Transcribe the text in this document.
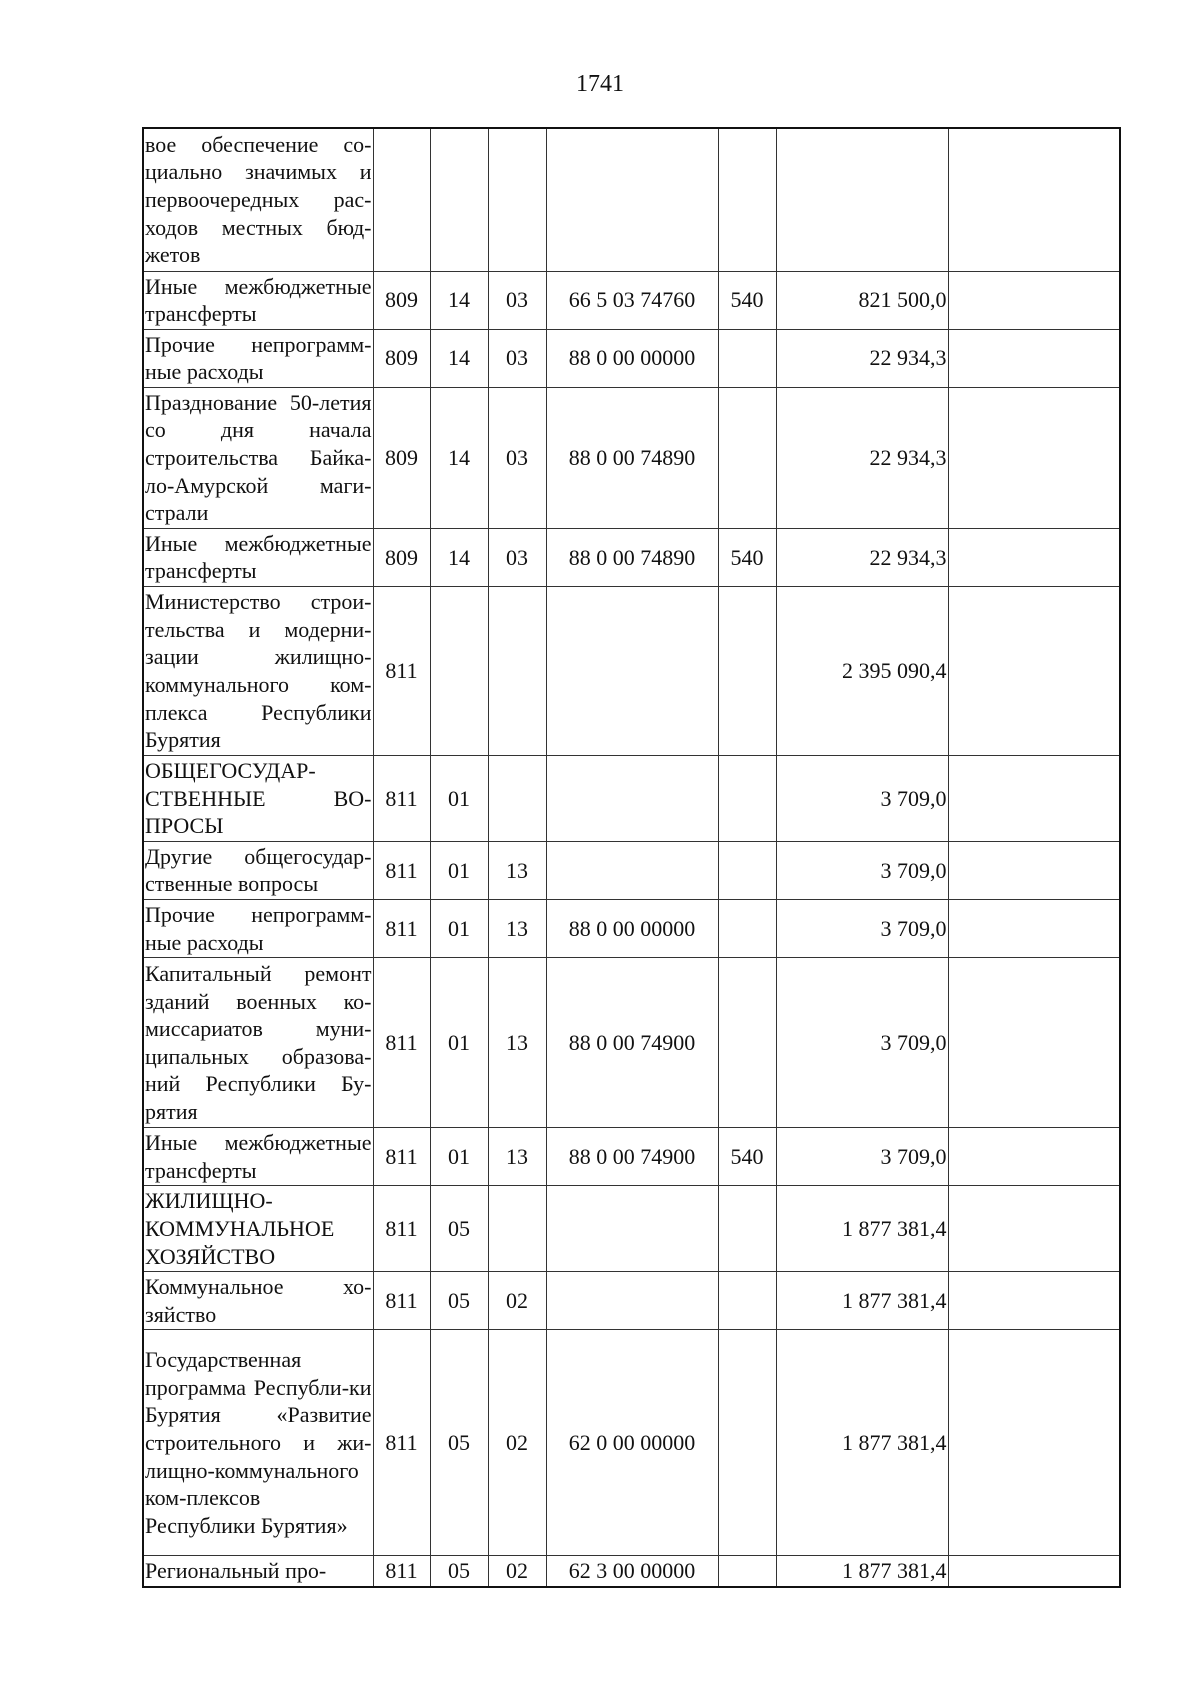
1741
вое обеспечение со-циально значимых и первоочередных рас-ходов местных бюд-жетов							
Иные межбюджетные трансферты	809	14	03	66 5 03 74760	540	821 500,0	
Прочие непрограмм-ные расходы	809	14	03	88 0 00 00000		22 934,3	
Празднование 50-летия со дня начала строительства Байка-ло-Амурской маги-страли	809	14	03	88 0 00 74890		22 934,3	
Иные межбюджетные трансферты	809	14	03	88 0 00 74890	540	22 934,3	
Министерство строи-тельства и модерни-зации жилищно-коммунального ком-плекса Республики Бурятия	811					2 395 090,4	
ОБЩЕГОСУДАР-СТВЕННЫЕ ВО-ПРОСЫ	811	01				3 709,0	
Другие общегосудар-ственные вопросы	811	01	13			3 709,0	
Прочие непрограмм-ные расходы	811	01	13	88 0 00 00000		3 709,0	
Капитальный ремонт зданий военных ко-миссариатов муни-ципальных образова-ний Республики Бу-рятия	811	01	13	88 0 00 74900		3 709,0	
Иные межбюджетные трансферты	811	01	13	88 0 00 74900	540	3 709,0	
ЖИЛИЩНО-КОММУНАЛЬНОЕ ХОЗЯЙСТВО	811	05				1 877 381,4	
Коммунальное хо-зяйство	811	05	02			1 877 381,4	
Государственная программа Республи-ки Бурятия «Развитие строительного и жи-лищно-коммунального ком-плексов Республики Бурятия»	811	05	02	62 0 00 00000		1 877 381,4	
Региональный про-	811	05	02	62 3 00 00000		1 877 381,4	
